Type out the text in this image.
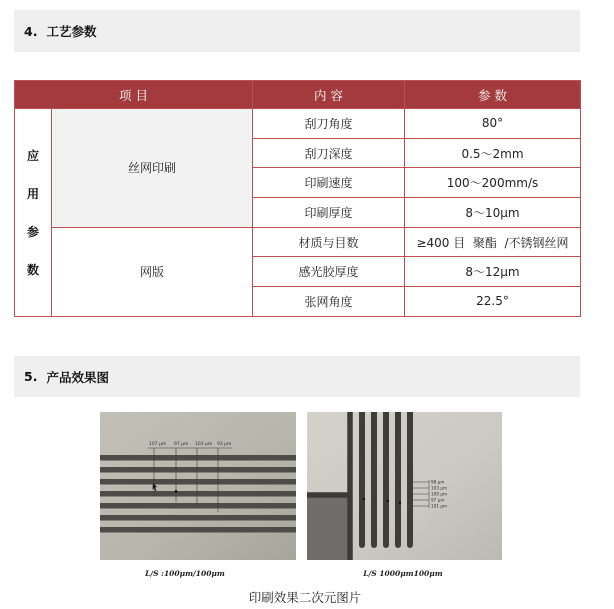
4. 工艺参数
项 目		内 容	参 数

应
用
参
数	丝网印刷	刮刀角度	80°
		刮刀深度	0.5～2mm
		印刷速度	100～200mm/s
		印刷厚度	8～10μm
	网版	材质与目数	≥400 目  聚酯  /不锈钢丝网
		感光胶厚度	8～12μm
		张网角度	22.5°
5. 产品效果图
107 μm 97 μm 103 μm 93 μm
98 μm
103 μm
100 μm
97 μm
101 μm
L/S :100μm/100μm	L/S 1000μm100μm
印刷效果二次元图片
